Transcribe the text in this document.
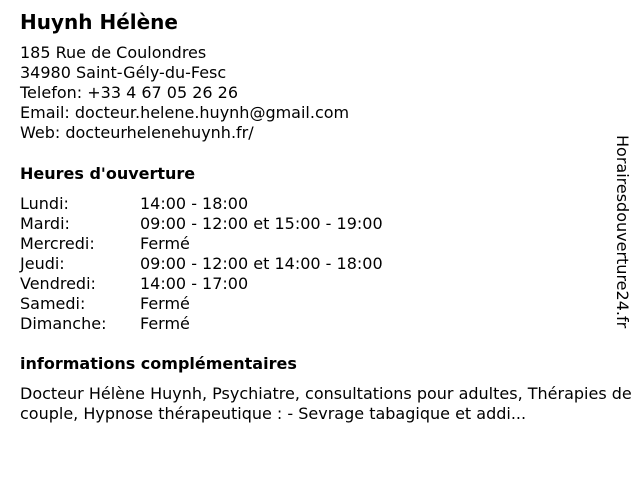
Huynh Hélène
185 Rue de Coulondres
34980 Saint-Gély-du-Fesc
Telefon: +33 4 67 05 26 26
Email: docteur.helene.huynh@gmail.com
Web: docteurhelenehuynh.fr/
Heures d'ouverture
Lundi:	14:00 - 18:00
Mardi:	09:00 - 12:00 et 15:00 - 19:00
Mercredi:	Fermé
Jeudi:	09:00 - 12:00 et 14:00 - 18:00
Vendredi:	14:00 - 17:00
Samedi:	Fermé
Dimanche: Fermé
informations complémentaires
Docteur Hélène Huynh, Psychiatre, consultations pour adultes, Thérapies de couple, Hypnose thérapeutique : - Sevrage tabagique et addi...
Horairesdouverture24.fr
